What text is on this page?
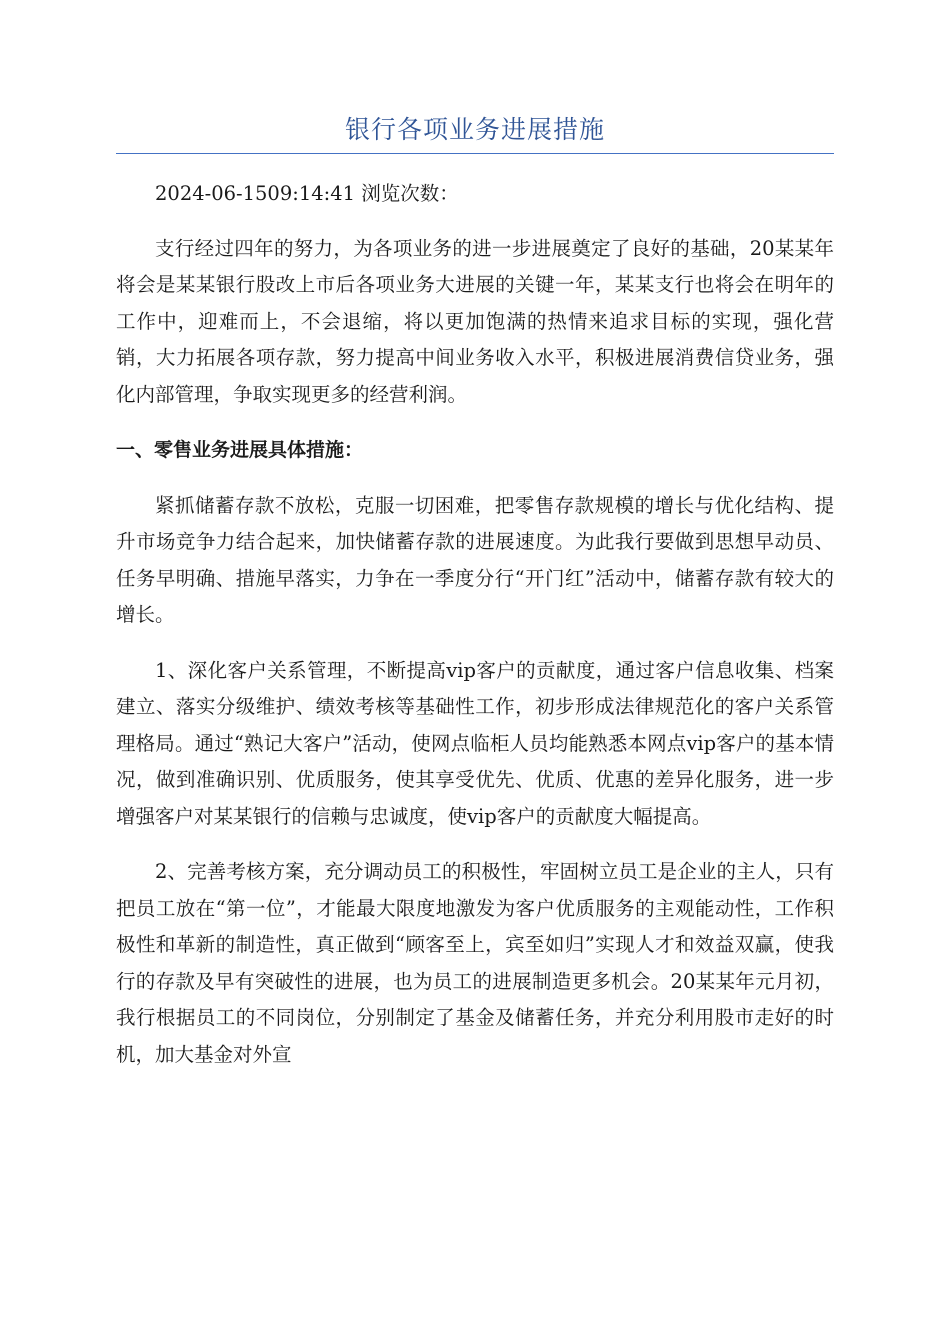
银行各项业务进展措施

2024-06-1509:14:41 浏览次数：

支行经过四年的努力，为各项业务的进一步进展奠定了良好的基础，20某某年将会是某某银行股改上市后各项业务大进展的关键一年，某某支行也将会在明年的工作中，迎难而上，不会退缩，将以更加饱满的热情来追求目标的实现，强化营销，大力拓展各项存款，努力提高中间业务收入水平，积极进展消费信贷业务，强化内部管理，争取实现更多的经营利润。

一、零售业务进展具体措施：

紧抓储蓄存款不放松，克服一切困难，把零售存款规模的增长与优化结构、提升市场竞争力结合起来，加快储蓄存款的进展速度。为此我行要做到思想早动员、任务早明确、措施早落实，力争在一季度分行“开门红”活动中，储蓄存款有较大的增长。

1、深化客户关系管理，不断提高vip客户的贡献度，通过客户信息收集、档案建立、落实分级维护、绩效考核等基础性工作，初步形成法律规范化的客户关系管理格局。通过“熟记大客户”活动，使网点临柜人员均能熟悉本网点vip客户的基本情况，做到准确识别、优质服务，使其享受优先、优质、优惠的差异化服务，进一步增强客户对某某银行的信赖与忠诚度，使vip客户的贡献度大幅提高。

2、完善考核方案，充分调动员工的积极性，牢固树立员工是企业的主人，只有把员工放在“第一位”，才能最大限度地激发为客户优质服务的主观能动性，工作积极性和革新的制造性，真正做到“顾客至上，宾至如归”实现人才和效益双赢，使我行的存款及早有突破性的进展，也为员工的进展制造更多机会。20某某年元月初，我行根据员工的不同岗位，分别制定了基金及储蓄任务，并充分利用股市走好的时机，加大基金对外宣
